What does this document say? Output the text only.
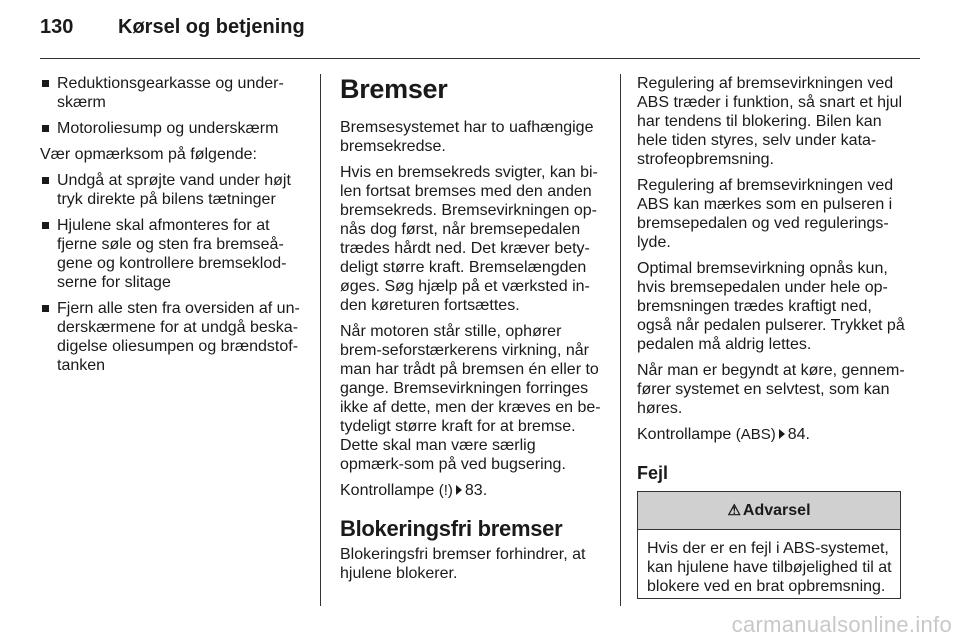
130	Kørsel og betjening
Reduktionsgearkasse og under-skærm
Motoroliesump og underskærm
Vær opmærksom på følgende:
Undgå at sprøjte vand under højt tryk direkte på bilens tætninger
Hjulene skal afmonteres for at fjerne søle og sten fra bremseå-gene og kontrollere bremseklod-serne for slitage
Fjern alle sten fra oversiden af un-derskærmene for at undgå beska-digelse oliesumpen og brændstof-tanken
Bremser
Bremsesystemet har to uafhængige bremsekredse.
Hvis en bremsekreds svigter, kan bi-len fortsat bremses med den anden bremsekreds. Bremsevirkningen op-nås dog først, når bremsepedalen trædes hårdt ned. Det kræver bety-deligt større kraft. Bremselængden øges. Søg hjælp på et værksted in-den køreturen fortsættes.
Når motoren står stille, ophører brem-seforstærkerens virkning, når man har trådt på bremsen én eller to gange. Bremsevirkningen forringes ikke af dette, men der kræves en be-tydeligt større kraft for at bremse. Dette skal man være særlig opmærk-som på ved bugsering.
Kontrollampe (!) 83.
Blokeringsfri bremser
Blokeringsfri bremser forhindrer, at hjulene blokerer.
Regulering af bremsevirkningen ved ABS træder i funktion, så snart et hjul har tendens til blokering. Bilen kan hele tiden styres, selv under kata-strofeopbremsning.
Regulering af bremsevirkningen ved ABS kan mærkes som en pulseren i bremsepedalen og ved regulerings-lyde.
Optimal bremsevirkning opnås kun, hvis bremsepedalen under hele op-bremsningen trædes kraftigt ned, også når pedalen pulserer. Trykket på pedalen må aldrig lettes.
Når man er begyndt at køre, gennem-fører systemet en selvtest, som kan høres.
Kontrollampe (ABS) 84.
Fejl
⚠ Advarsel
Hvis der er en fejl i ABS-systemet, kan hjulene have tilbøjelighed til at blokere ved en brat opbremsning.
carmanualsonline.info
